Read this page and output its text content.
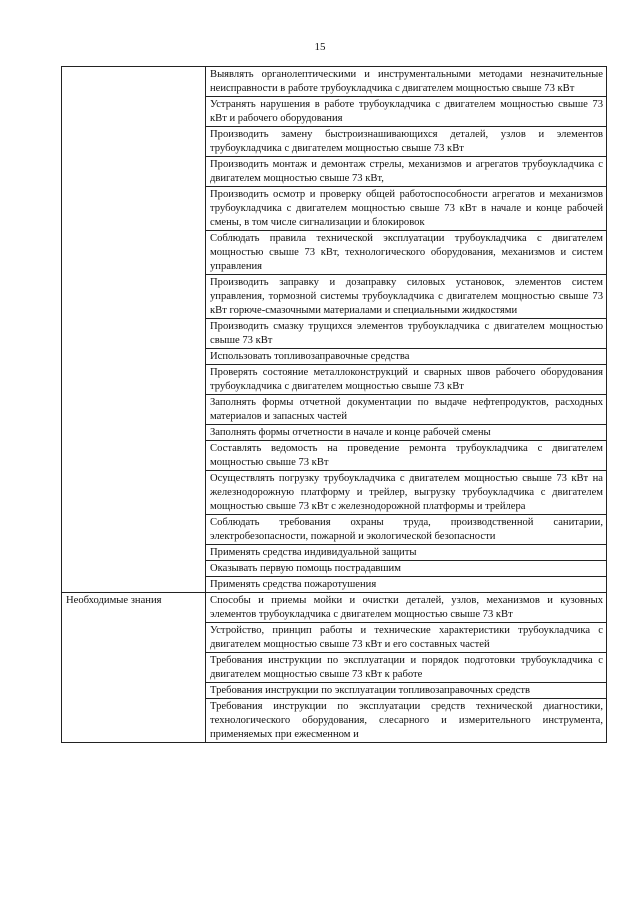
15

	Выявлять органолептическими и инструментальными методами незначительные неисправности в работе трубоукладчика с двигателем мощностью свыше 73 кВт

	Устранять нарушения в работе трубоукладчика с двигателем мощностью свыше 73 кВт и рабочего оборудования

	Производить замену быстроизнашивающихся деталей, узлов и элементов трубоукладчика с двигателем мощностью свыше 73 кВт

	Производить монтаж и демонтаж стрелы, механизмов и агрегатов трубоукладчика с двигателем мощностью свыше 73 кВт,

	Производить осмотр и проверку общей работоспособности агрегатов и механизмов трубоукладчика с двигателем мощностью свыше 73 кВт в начале и конце рабочей смены, в том числе сигнализации и блокировок

	Соблюдать правила технической эксплуатации трубоукладчика с двигателем мощностью свыше 73 кВт, технологического оборудования, механизмов и систем управления

	Производить заправку и дозаправку силовых установок, элементов систем управления, тормозной системы трубоукладчика с двигателем мощностью свыше 73 кВт горюче-смазочными материалами и специальными жидкостями

	Производить смазку трущихся элементов трубоукладчика с двигателем мощностью свыше 73 кВт

	Использовать топливозаправочные средства

	Проверять состояние металлоконструкций и сварных швов рабочего оборудования трубоукладчика с двигателем мощностью свыше 73 кВт

	Заполнять формы отчетной документации по выдаче нефтепродуктов, расходных материалов и запасных частей

	Заполнять формы отчетности в начале и конце рабочей смены

	Составлять ведомость на проведение ремонта трубоукладчика с двигателем мощностью свыше 73 кВт

	Осуществлять погрузку трубоукладчика с двигателем мощностью свыше 73 кВт на железнодорожную платформу и трейлер, выгрузку трубоукладчика с двигателем мощностью свыше 73 кВт с железнодорожной платформы и трейлера

	Соблюдать требования охраны труда, производственной санитарии, электробезопасности, пожарной и экологической безопасности

	Применять средства индивидуальной защиты

	Оказывать первую помощь пострадавшим

	Применять средства пожаротушения

Необходимые знания	Способы и приемы мойки и очистки деталей, узлов, механизмов и кузовных элементов трубоукладчика с двигателем мощностью свыше 73 кВт

	Устройство, принцип работы и технические характеристики трубоукладчика с двигателем мощностью свыше 73 кВт и его составных частей

	Требования инструкции по эксплуатации и порядок подготовки трубоукладчика с двигателем мощностью свыше 73 кВт к работе

	Требования инструкции по эксплуатации топливозаправочных средств

	Требования инструкции по эксплуатации средств технической диагностики, технологического оборудования, слесарного и измерительного инструмента, применяемых при ежесменном и
